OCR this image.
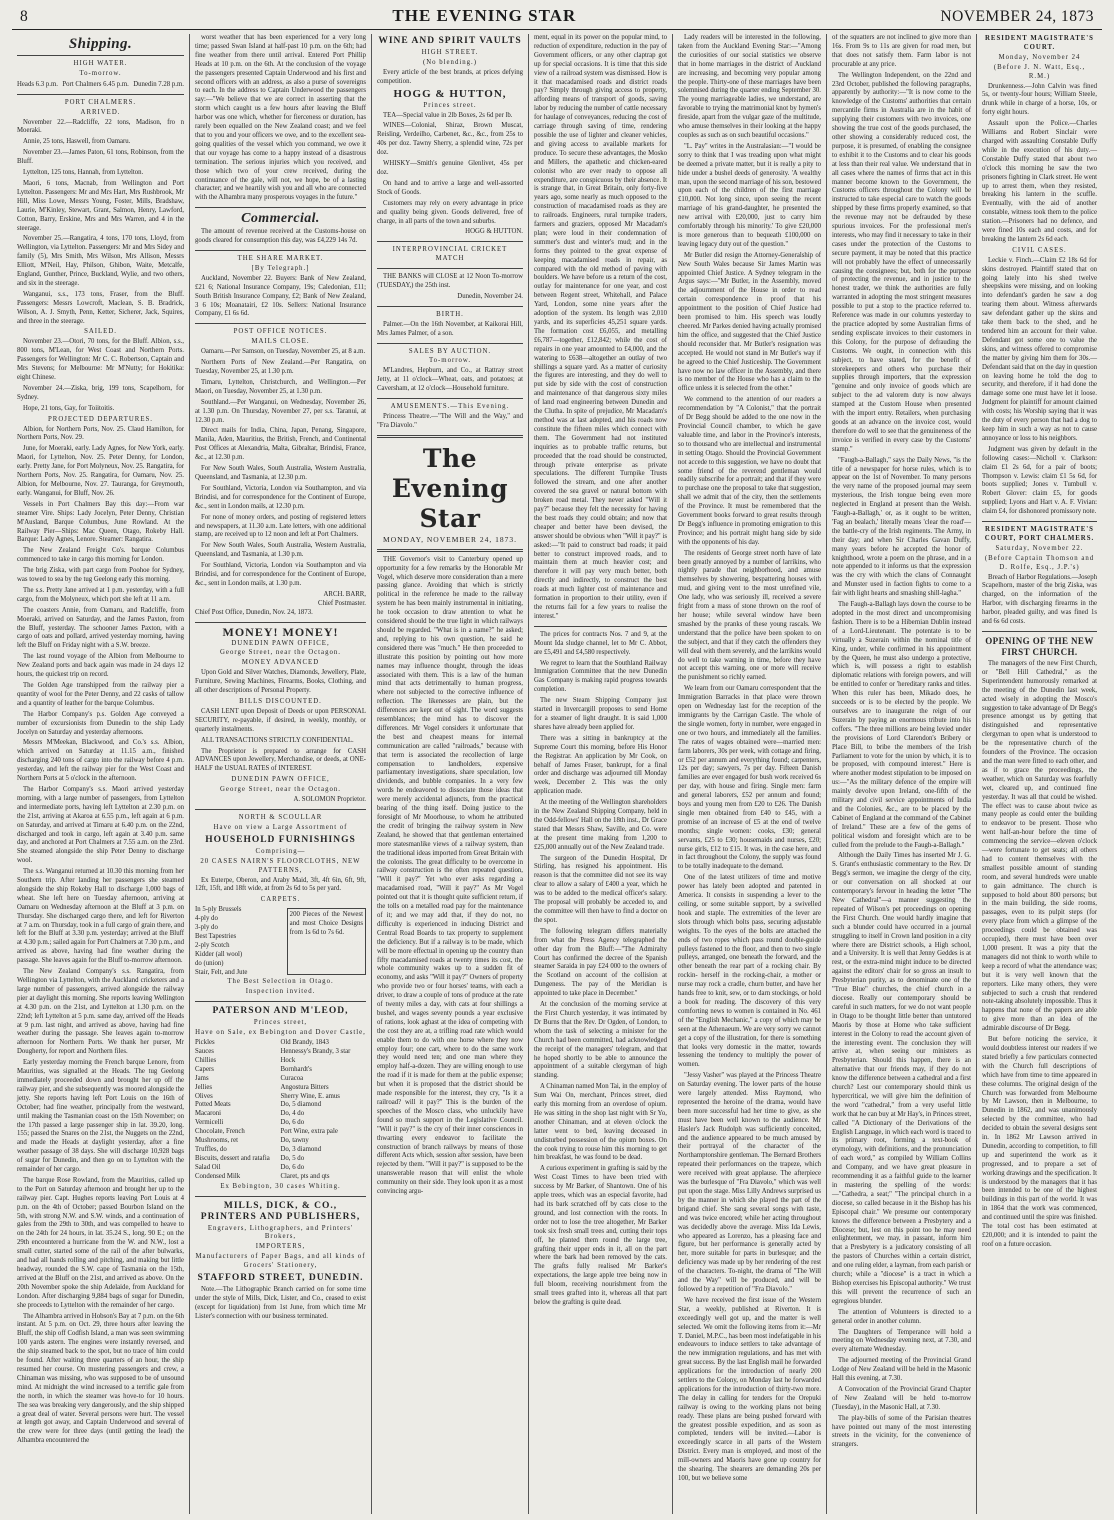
8	THE EVENING STAR	NOVEMBER 24, 1873
Shipping.
HIGH WATER.
To-morrow.
Heads 6.3 p.m. Port Chalmers 6.45 p.m. Dunedin 7.28 p.m.
PORT CHALMERS.
ARRIVED.

November 22.—Radcliffe, 22 tons, Madison, fro n Moeraki.

Annie, 25 tons, Haswell, from Oamaru.

November 23.—James Paton, 61 tons, Robinson, from the Bluff.

Lyttelton, 125 tons, Hannah, from Lyttelton.

Maori, 6 tons, Macnab, from Wellington and Port Lyttelton. Passengers: Mr and Mrs Hart, Mrs Rushbrook, Mr Hill, Miss Lowe, Messrs Young, Foster, Mills, Bradshaw, Laurie, M'Kinley, Stewart, Grant, Salmon, Henry, Lawford, Cotton, Barry, Erskine, Mrs and Mrs Warren, and 4 in the steerage.

November 25.—Rangatira, 4 tons, 170 tons, Lloyd, from Wellington, via Lyttelton. Passengers: Mr and Mrs Sidey and family (5), Mrs Smith, Mrs Wilson, Mrs Allison, Messrs Elliott, M'Neil, Hay, Philson, Ghibon, Waite, Metcalfe, England, Gunther, Prince, Buckland, Wylie, and two others, and six in the steerage.

Wanganui, s.s., 173 tons, Fraser, from the Bluff. Passengers: Messrs Lowcroft, Maclean, S. B. Bradrick, Wilson, A. J. Smyth, Penn, Ketter, Sicherer, Jack, Squires, and three in the steerage.

SAILED.

November 23.—Otori, 70 tons, for the Bluff. Albion, s.s., 800 tons, M'Lean, for West Coast and Northern Ports. Passengers for Wellington: Mr C. C. Robertson, Captain and Mrs Stevens; for Melbourne: Mr M'Nutty; for Hokitika: eight Chinese.

November 24.—Ziska, brig, 199 tons, Scapelhorn, for Sydney.

Hope, 21 tons, Gay, for Toiitoitis.

PROJECTED DEPARTURES.

Albion, for Northern Ports, Nov. 25. Claud Hamilton, for Northern Ports, Nov. 29.

June, for Moeraki, early. Lady Agnes, for New York, early. Maori, for Lyttelton, Nov. 25. Peter Denny, for London, early. Pretty Jane, for Port Molyneux, Nov. 25. Rangatira, for Northern Ports, Nov. 25. Rangatira, for Oamaru, Nov. 25. Albion, for Melbourne, Nov. 27. Tauranga, for Greymouth, early. Wanganui, for Bluff, Nov. 26.

Vessels in Port Chalmers Bay this day:—From war steamer Vire. Ships: Lady Jocelyn, Peter Denny, Christian M'Ausland, Barque Columbus, June Rowland. At the Railway Pier—Ships: Mac Queen, Otago, Rokeby Hall. Barque: Lady Agnes, Lenore. Steamer: Rangatira.

The New Zealand Freight Co's. barque Columbus commenced to take in cargo this morning for London.

The brig Ziska, with part cargo from Poohoe for Sydney, was towed to sea by the tug Geelong early this morning.

The s.s. Pretty Jane arrived at 1 p.m. yesterday, with a full cargo, from the Molyneux, which port she left at 11 a.m.

The coasters Annie, from Oamaru, and Radcliffe, from Moeraki, arrived on Saturday, and the James Paxton, from the Bluff, yesterday. The schooner James Paxton, with a cargo of oats and pollard, arrived yesterday morning, having left the Bluff on Friday night with a S.W. breeze.

The last round voyage of the Albion from Melbourne to New Zealand ports and back again was made in 24 days 12 hours, the quickest trip on record.

The Golden Age transhipped from the railway pier a quantity of wool for the Peter Denny, and 22 casks of tallow and a quantity of leather for the barque Columbus.

The Harbor Company's p.s. Golden Age conveyed a number of excursionists from Dunedin to the ship Lady Jocelyn on Saturday and yesterday afternoons.

Messrs M'Meekan, Blackwood, and Co.'s s.s. Albion, which arrived on Saturday at 11.15 a.m., finished discharging 240 tons of cargo into the railway before 4 p.m. yesterday, and left the railway pier for the West Coast and Northern Ports at 5 o'clock in the afternoon.

The Harbor Company's s.s. Maori arrived yesterday morning, with a large number of passengers, from Lyttelton and intermediate ports, having left Lyttelton at 2.30 p.m. on the 21st, arriving at Akaroa at 6.55 p.m., left again at 6 p.m. on Saturday, and arrived at Timaru at 6.40 p.m. on the 22nd, discharged and took in cargo, left again at 3.40 p.m. same day, and anchored at Port Chalmers at 7.55 a.m. on the 23rd. She steamed alongside the ship Peter Denny to discharge wool.

The s.s. Wanganui returned at 10.30 this morning from her Southern trip. After landing her passengers she steamed alongside the ship Rokeby Hall to discharge 1,000 bags of wheat. She left here on Tuesday afternoon, arriving at Oamaru on Wednesday afternoon at the Bluff at 3 p.m. on Thursday. She discharged cargo there, and left for Riverton at 7 a.m. on Thursday, took in a full cargo of grain there, and left for the Bluff at 3.30 p.m. yesterday; arrived at the Bluff at 4.30 p.m.; sailed again for Port Chalmers at 7.30 p.m., and arrived as above, having had fine weather during the passage. She leaves again for the Bluff to-morrow afternoon.

The New Zealand Company's s.s. Rangatira, from Wellington via Lyttelton, with the Auckland cricketers and a large number of passengers, arrived alongside the railway pier at daylight this morning. She reports leaving Wellington at 4.30 p.m. on the 21st, and Lyttelton at 1.30 p.m. on the 22nd; left Lyttelton at 5 p.m. same day, arrived off the Heads at 9 p.m. last night, and arrived as above, having had fine weather during the passage. She leaves again to-morrow afternoon for Northern Ports. We thank her purser, Mr Dougherty, for report and Northern files.

Early yesterday morning the French barque Lenore, from Mauritius, was signalled at the Heads. The tug Geelong immediately proceeded down and brought her up off the railway pier, and she subsequently was moored alongside the jetty. She reports having left Port Louis on the 16th of October; had fine weather, principally from the westward, until making the Tasmanian coast on the 15th November; on the 17th passed a large passenger ship in lat. 39.20, long. 155; passed the Snares on the 21st, the Nuggets on the 22nd, and made the Heads at daylight yesterday, after a fine weather passage of 38 days. She will discharge 10,928 bags of sugar for Dunedin, and then go on to Lyttelton with the remainder of her cargo.

The barque Rose Rowland, from the Mauritius, called up to the Port on Saturday afternoon and brought her up to the railway pier. Capt. Hughes reports leaving Port Louis at 4 p.m. on the 4th of October; passed Bourbon Island on the 5th, with strong N.W. and S.W. winds, and a continuation of gales from the 29th to 30th, and was compelled to heave to on the 24th for 24 hours, in lat. 35.24 S., long. 90 E.; on the 29th encountered a hurricane from the W. and N.W., lost a small cutter, started some of the rail of the after bulwarks, and had all hands rolling and pitching, and making but little headway, rounded the S.W. cape of Tasmania on the 15th, arrived at the Bluff on the 21st, and arrived as above. On the 20th November spoke the ship Adelaide, from Auckland for London. After discharging 9,884 bags of sugar for Dunedin, she proceeds to Lyttelton with the remainder of her cargo.

The Alhambra arrived in Hobson's Bay at 7 p.m. on the 6th instant. At 5 p.m. on Oct. 29, three hours after leaving the Bluff, the ship off Codfish Island, a man was seen swimming 100 yards astern. The engines were instantly reversed, and the ship steamed back to the spot, but no trace of him could be found. After waiting three quarters of an hour, the ship resumed her course. On mustering passengers and crew, a Chinaman was missing, who was supposed to be of unsound mind. At midnight the wind increased to a terrific gale from the north, in which the steamer was hove-to for 10 hours. The sea was breaking very dangerously, and the ship shipped a great deal of water. Several persons were hurt. The vessel at length got away, and Captain Underwood and several of the crew were for three days (until getting the lead) the Alhambra encountered the

worst weather that has been experienced for a very long time; passed Swan Island at half-past 10 p.m. on the 6th; had fine weather from there until arrival. Entered Port Phillip Heads at 10 p.m. on the 6th. At the conclusion of the voyage the passengers presented Captain Underwood and his first and second officers with an address, as also a purse of sovereigns to each. In the address to Captain Underwood the passengers say:—"We believe that we are correct in asserting that the storm which caught us a few hours after leaving the Bluff harbor was one which, whether for fierceness or duration, has rarely been equalled on the New Zealand coast; and we feel that to you and your officers we owe, and to the excellent sea-going qualities of the vessel which you command, we owe it that our voyage has come to a happy instead of a disastrous termination. The serious injuries which you received, and those which two of your crew received, during the continuance of the gale, will not, we hope, be of a lasting character; and we heartily wish you and all who are connected with the Alhambra many prosperous voyages in the future."

Commercial.

The amount of revenue received at the Customs-house on goods cleared for consumption this day, was £4,229 14s 7d.

THE SHARE MARKET.
[By Telegraph.]

Auckland, November 22. Buyers: Bank of New Zealand, £21 6; National Insurance Company, 19s; Caledonian, £11; South British Insurance Company, £2; Bank of New Zealand, 3 6 10s; Moanatairi, £2 10s. Sellers: National Insurance Company, £1 6s 6d.

POST OFFICE NOTICES.
MAILS CLOSE.

Oamaru.—Per Samson, on Tuesday, November 25, at 8 a.m.

Northern Ports of New Zealand.—Per Rangatira, on Tuesday, November 25, at 1.30 p.m.

Timaru, Lyttelton, Christchurch, and Wellington.—Per Maori, on Tuesday, November 25, at 1.30 p.m.

Southland.—Per Wanganui, on Wednesday, November 26, at 1.30 p.m. On Thursday, November 27, per s.s. Taranui, at 12.30 p.m.

Direct mails for India, China, Japan, Penang, Singapore, Manila, Aden, Mauritius, the British, French, and Continental Post Offices at Alexandria, Malta, Gibraltar, Brindisi, France, &c., at 12.30 p.m.

For New South Wales, South Australia, Western Australia, Queensland, and Tasmania, at 12.30 p.m.

For Southland, Victoria, London via Southampton, and via Brindisi, and for correspondence for the Continent of Europe, &c., sent in London mails, at 12.30 p.m.

For none of money orders, and posting of registered letters and newspapers, at 11.30 a.m. Late letters, with one additional stamp, are received up to 12 noon and left at Port Chalmers.

For New South Wales, South Australia, Western Australia, Queensland, and Tasmania, at 1.30 p.m.

For Southland, Victoria, London via Southampton and via Brindisi, and for correspondence for the Continent of Europe, &c., sent in London mails, at 1.30 p.m.

ARCH. BARR,
Chief Postmaster.
Chief Post Office, Dunedin, Nov. 24, 1873.
MONEY! MONEY!
DUNEDIN PAWN OFFICE,
George Street, near the Octagon.
MONEY ADVANCED

Upon Gold and Silver Watches, Diamonds, Jewellery, Plate, Furniture, Sewing Machines, Firearms, Books, Clothing, and all other descriptions of Personal Property.

BILLS DISCOUNTED.

CASH LENT upon Deposit of Deeds or upon PERSONAL SECURITY, re-payable, if desired, in weekly, monthly, or quarterly instalments.

ALL TRANSACTIONS STRICTLY CONFIDENTIAL.

The Proprietor is prepared to arrange for CASH ADVANCES upon Jewellery, Merchandise, or deeds, at ONE-HALF the USUAL RATES of INTEREST.

DUNEDIN PAWN OFFICE,
George Street, near the Octagon.
A. SOLOMON Proprietor.
NORTH & SCOULLAR
Have on view a Large Assortment of
HOUSEHOLD FURNISHINGS
Comprising—
20 CASES NAIRN'S FLOORCLOTHS, NEW PATTERNS,

Ex Euterpe, Oberon, and Araby Maid, 3ft, 4ft 6in, 6ft, 9ft, 12ft, 15ft, and 18ft wide, at from 2s 6d to 5s per yard.

CARPETS.
In 5-ply Brussels
4-ply do
3-ply do
Best Tapestries
2-ply Scotch
Kidder (all wool)
do (union)
Stair, Felt, and Jute
200 Pieces of the Newest and most Choice Designs from 1s 6d to 7s 6d.
The Best Selection in Otago.
Inspection invited.
PATERSON AND M'LEOD,
Princes street,
Have on Sale, ex Bebington and Dover Castle,
Pickles
Sauces
Chillies
Capers
Jams
Jellies
Olives
Potted Meats
Macaroni
Vermicelli
Chocolate, French
Mushrooms, ret
Truffles, do
Biscuits, dessert and ratafia
Salad Oil
Condensed Milk
Old Brandy, 1843
Hennessy's Brandy, 3 star
Hock
Bornhardt's
Curacoa
Angostura Bitters
Sherry Wine, E. amus
Do, 5 diamond
Do, 4 do
Do, 6 do
Port Wine, extra pale
Do, tawny
Do, 3 diamond
Do, 5 do
Do, 6 do
Claret, pts and qts
Ex Bebington, 30 cases Whiting.
MILLS, DICK, & CO., PRINTERS AND PUBLISHERS,
Engravers, Lithographers, and Printers' Brokers,
IMPORTERS,
Manufacturers of Paper Bags, and all kinds of Grocers' Stationery,
STAFFORD STREET, DUNEDIN.

Note.—The Lithographic Branch carried on for some time under the style of Mills, Dick, Lister, and Co., ceased to exist (except for liquidation) from 1st June, from which time Mr Lister's connection with our business terminated.

WINE AND SPIRIT VAULTS
HIGH STREET.
(No blending.)

Every article of the best brands, at prices defying competition.

HOGG & HUTTON,
Princes street.

TEA—Special value in 2lb Boxes, 2s 6d per lb.

WINES—Colonial, Shiraz, Brown Muscat, Reisling, Verdeilho, Carbenet, &c., &c., from 25s to 40s per doz. Tawny Sherry, a splendid wine, 72s per doz.

WHISKY—Smith's genuine Glenlivet, 45s per doz.

On hand and to arrive a large and well-assorted Stock of Goods.

Customers may rely on every advantage in price and quality being given. Goods delivered, free of charge, in all parts of the town and suburbs.

HOGG & HUTTON.
INTERPROVINCIAL CRICKET MATCH

THE BANKS will CLOSE at 12 Noon To-morrow (TUESDAY,) the 25th inst.

Dunedin, November 24.
BIRTH.

Palmer.—On the 16th November, at Kaikorai Hill, Mrs James Palmer, of a son.

SALES BY AUCTION.
To-morrow.

M'Landres, Hepburn, and Co., at Rattray street Jetty, at 11 o'clock—Wheat, oats, and potatoes; at Caversham, at 12 o'clock—Household furniture.

AMUSEMENTS.—This Evening.

Princess Theatre.—"The Will and the Way," and "Fra Diavolo."

The Evening Star
MONDAY, NOVEMBER 24, 1873.

THE Governor's visit to Canterbury opened up opportunity for a few remarks by the Honorable Mr Vogel, which deserve more consideration than a mere passing glance. Avoiding that which is strictly political in the reference he made to the railway system he has been mainly instrumental in initiating, he took occasion to draw attention to what he considered should be the true light in which railways should be regarded. "What is in a name?" he asked; and, replying to his own question, he said he considered there was "much." He then proceeded to illustrate this position by pointing out how more names may influence thought, through the ideas associated with them. This is a law of the human mind that acts detrimentally to human progress, where not subjected to the corrective influence of reflection. The likenesses are plain, but the differences are kept out of sight. The word suggests resemblances; the mind has to discover the differences. Mr Vogel considers it unfortunate that the best and cheapest means for internal communication are called "railroads," because with that term is associated the recollection of large compensation to landholders, expensive parliamentary investigations, share speculation, low dividends, and bubble companies. In a very few words he endeavored to dissociate those ideas that were merely accidental adjuncts, from the practical bearing of the thing itself. Doing justice to the foresight of Mr Moorhouse, to whom he attributed the credit of bringing the railway system in New Zealand, he showed that that gentleman entertained more statesmanlike views of a railway system, than the traditional ideas imported from Great Britain with the colonists. The great difficulty to be overcome in railway construction is the often repeated question, "Will it pay?" Yet who ever asks regarding a macadamised road, "Will it pay?" As Mr Vogel pointed out that it is thought quite sufficient return, if the tolls on a metalled road pay for the maintenance of it; and we may add that, if they do not, no difficulty is experienced in inducing District and Central Road Boards to tax property to supplement the deficiency. But if a railway is to be made, which will be more effectual in opening up the country than fifty macadamised roads at twenty times its cost, the whole community wakes up to a sudden fit of economy, and asks "Will it pay?" Owners of property who provide two or four horses' teams, with each a driver, to draw a couple of tons of produce at the rate of twenty miles a day, with cats at four shillings a bushel, and wages seventy pounds a year exclusive of rations, look aghast at the idea of competing with the cost they are at, a trifling road rate which would enable them to do with one horse where they now employ four; one cart, where to do the same work they would need ten; and one man where they employ half-a-dozen. They are willing enough to use the road if it is made for them at the public expense; but when it is proposed that the district should be made responsible for the interest, they cry, "Is it a railroad? will it pay?" This is the burden of the speeches of the Mosco class, who unluckily have found so much support in the Legislative Council. "Will it pay?" is the cry of their inner consciences in thwarting every endeavor to facilitate the construction of branch railways by means of those different Acts which, session after session, have been rejected by them. "Will it pay?" is supposed to be the unanswerable reason that will enlist the whole community on their side. They look upon it as a most convincing argu-

ment, equal in its power on the popular mind, to reduction of expenditure, reduction in the pay of Government officers, or any other claptrap got up for special occasions. It is time that this side view of a railroad system was dismissed. How is it that macadamised roads and district roads pay? Simply through giving access to property, affording means of transport of goods, saving labor by reducing the number of cattle necessary for haulage of conveyances, reducing the cost of carriage through saving of time, rendering possible the use of lighter and cleaner vehicles, and giving access to available markets for produce. To secure these advantages, the Mosko and Millers, the apathetic and chicken-eared colonist who are ever ready to oppose all expenditure, are conspicuous by their absence. It is strange that, in Great Britain, only forty-five years ago, some nearly as much opposed to the construction of macadamised roads as they are to railroads. Engineers, rural turnpike traders, farmers and graziers, opposed Mr Macadam's plan; were loud in their condemnation of summer's dust and winter's mud; and in the forms they pointed to the great expense of keeping macadamised roads in repair, as compared with the old method of paving with boulders. We have before us a return of the cost, outlay for maintenance for one year, and cost between Regent street, Whitehall, and Palace Yard, London, some nine years after the adoption of the system. Its length was 2,010 yards, and its superficies 45,251 square yards. The formation cost £6,055, and metalling £6,787—together, £12,842; while the cost of repairs in one year amounted to £4,000, and the watering to £638—altogether an outlay of two shillings a square yard. As a matter of curiosity the figures are interesting, and they do well to put side by side with the cost of construction and maintenance of that dangerous sixty miles of land road engineering between Dunedin and the Clutha. In spite of prejudice, Mr Macadam's method was at last adopted, and his roads now constitute the fifteen miles which connect with them. The Government had not instituted inquiries as to probable traffic returns, but proceeded that the road should be constructed, through private enterprise as private speculations. The different Turnpike Trusts followed the stream, and one after another covered the sea gravel or natural bottom with broken road metal. They never asked "Will it pay?" because they felt the necessity for having the best roads they could obtain; and now that cheaper and better have been devised, the answer should be obvious when "Will it pay?" is asked:—"It paid to construct bad roads; it paid better to construct improved roads, and to maintain them at much heavier cost; and therefore it will pay very much better, both directly and indirectly, to construct the best roads at much lighter cost of maintenance and formation in proportion to their utility, even if the returns fail for a few years to realise the interest."

The prices for contracts Nos. 7 and 9, at the Mount Ida sludge channel, let to Mr C. Abbot, are £5,491 and £4,580 respectively.

We regret to learn that the Southland Railway Immigration Committee that the new Dunedin Gas Company is making rapid progress towards completion.

The new Steam Shipping Company just started in Invercargill proposes to send Home for a steamer of light draught. It is said 1,000 shares have already been applied for.

There was a sitting in bankruptcy at the Supreme Court this morning, before His Honor the Registrar. An application by Mr Cook, on behalf of James Fraser, bankrupt, for a final order and discharge was adjourned till Monday week, December 2. This was the only application made.

At the meeting of the Wellington shareholders in the New Zealand Shipping Company, held in the Odd-fellows' Hall on the 18th inst., Dr Grace stated that Messrs Shaw, Saville, and Co. were at the present time making from 1,200 to £25,000 annually out of the New Zealand trade.

The surgeon of the Dunedin Hospital, Dr Stirling, has resigned his appointment. His reason is that the committee did not see its way clear to allow a salary of £400 a year, which he was to be added to the medical officer's salary. The proposal will probably be acceded to, and the committee will then have to find a doctor on the spot.

The following telegram differs materially from what the Press Agency telegraphed the other day from the Bluff:—"The Admiralty Court has confirmed the decree of the Spanish steamer Saraida in pay £24 000 to the owners of the Scotland on account of the collision at Dungeness. The pay of the Meridian is appointed to take place in December."

At the conclusion of the morning service at the First Church yesterday, it was intimated by Dr Burns that the Rev. Dr Ogden, of London, to whom the task of selecting a minister for the Church had been committed, had acknowledged the receipt of the managers' telegram, and that he hoped shortly to be able to announce the appointment of a suitable clergyman of high standing.

A Chinaman named Mon Tai, in the employ of Sum Wai On, merchant, Princes street, died early this morning from an overdose of opium. He was sitting in the shop last night with Sr Yo, another Chinaman, and at eleven o'clock the latter went to bed, leaving deceased in undisturbed possession of the opium boxes. On the cook trying to rouse him this morning to get him breakfast, he was found to be dead.

A curious experiment in grafting is said by the West Coast Times to have been tried with success by Mr Barker, of Shantown. One of his apple trees, which was an especial favorite, had had its bark scratched off by cats close to the ground, and lost connection with the roots. In order not to lose the tree altogether, Mr Barker took six fresh small trees and, cutting their tops off, he planted them round the large tree, grafting their upper ends in it, all on the part where the bark had been removed by the cats. The grafts fully realised Mr Barker's expectations, the large apple tree being now in full bloom, receiving nourishment from the small trees grafted into it, whereas all that part below the grafting is quite dead.

Lady readers will be interested in the following, taken from the Auckland Evening Star:—"Among the curiosities of our social statistics we observe that in home marriages in the district of Auckland are increasing, and becoming very popular among the people. Thirty-one of these marriages have been solemnised during the quarter ending September 30. The young marriageable ladies, we understand, are favorable to trying the matrimonial knot by hymen's fireside, apart from the vulgar gaze of the multitude, who amuse themselves in their looking at the happy couples as such as on such beautiful occasions."

"L. Pay" writes in the Australasian:—"I would be sorry to think that I was treading upon what might be deemed a private matter, but it is really a pity to hide under a bushel deeds of generosity. 'A wealthy man, upon the second marriage of his son, bestowed upon each of the children of the first marriage £10,000. Not long since, upon seeing the recent marriage of his grand-daughter, he presented the new arrival with £20,000, just to carry him comfortably through his minority.' To give £20,000 is more generous than to bequeath £100,000 on leaving legacy duty out of the question."

Mr Butler did resign the Attorney-Generalship of New South Wales because Sir James Martin was appointed Chief Justice. A Sydney telegram in the Argus says:—"Mr Butler, in the Assembly, moved the adjournment of the House in order to read certain correspondence in proof that his appointment to the position of Chief Justice had been promised to him. His speech was loudly cheered. Mr Parkes denied having actually promised him the office, and suggested that the Chief Justice should reconsider that. Mr Butler's resignation was accepted. He would not stand in Mr Butler's way if he agreed to the Chief Justiceship. The Government have now no law officer in the Assembly, and there is no member of the House who has a claim to the office unless it is selected from the other."

We commend to the attention of our readers a recommendation by "A Colonist," that the portrait of Dr Begg should be added to the one now in the Provincial Council chamber, to which he gave valuable time, and labor in the Province's interests, so to thousand who are intellectual and instrumental in setting Otago. Should the Provincial Government not accede to this suggestion, we have no doubt that some friend of the reverend gentleman would readily subscribe for a portrait; and that if they were to purchase one the proposal to take that suggestion, shall we admit that of the city, then the settlements of the Province. It must be remembered that the Government books forward to great results through Dr Begg's influence in promoting emigration to this Province; and his portrait might hang side by side with the opponents of his day.

The residents of George street north have of late been greatly annoyed by a number of larrikins, who nightly parade that neighborhood, and amuse themselves by showering, bespattering houses with mud, and giving vent to the most unrefined vile, One lady, who was seriously ill, received a severe fright from a mass of stone thrown on the roof of her house; while several window have been smashed by the pranks of these young rascals. We understand that the police have been spoken to on the subject, and that if they catch the offenders they will deal with them severely, and the larrikins would do well to take warning in time, before they have not accept this warning, one or more will receive the punishment so richly earned.

We learn from our Oamaru correspondent that the Immigration Barracks in that place were thrown open on Wednesday last for the reception of the immigrants by the Carrigan Castle. The whole of the single women, forty in number, were engaged in one or two hours, and immediately all the families. The rates of wages obtained were—married men: farm laborers, 30s per week, with cottage and firing, or £52 per annum and everything found; carpenters, 12s per day; sawyers, 7s per day. Fifteen Danish families are ever engaged for bush work received 6s per day, with house and firing. Single men: farm and general laborers, £52 per annum and found; boys and young men from £20 to £26. The Danish single men obtained from £40 to £45, with a promise of an increase of £5 at the end of twelve months; single women: cooks, £30; general servants, £25 to £30; housemaids and nurses, £20; nurse girls, £12 to £15. It was, in the case here, and in fact throughout the Colony, the supply was found to be totally inadequate to the demand.

One of the latest utilizers of time and motive power has lately been adopted and patented in America. It consists in suspending a lever to the ceiling, or some suitable support, by a swivelled hook and staple. The extremities of the lever are slots through which bolts pass, securing adjustable weights. To the eyes of the bolts are attached the ends of two ropes which pass round double-guide pulleys fastened to the floor, and then to two single pulleys, arranged, one beneath the forward, and the other beneath the rear part of a rocking chair. By rockin- herself in the rocking-chair, a mother or nurse may rock a cradle, churn butter, and have her hands free to knit, sew, or to darn stockings, or hold a book for reading. The discovery of this very comforting news to women is contained in No. 461 of the "English Mechanic," a copy of which may be seen at the Athenaeum. We are very sorry we cannot get a copy of the illustration, for there is something that looks very domestic in the matter, towards lessening the tendency to multiply the power of women.

"Jessy Vasher" was played at the Princess Theatre on Saturday evening. The lower parts of the house were largely attended. Miss Raymond, who represented the heroine of the drama, would have been more successful had her time to give, as she must have been well known to the audience. Mr Hasler's Jack Rudolph was sufficiently conceited, and the audience appeared to be much amused by their portrayal of the character of the Northamptonshire gentleman. The Bernard Brothers repeated their performances on the trapeze, which were received with great applause. The afterpiece was the burlesque of "Fra Diavolo," which was well put upon the stage. Miss Lilly Andrews surprised us by the manner in which she played the part of the brigand chief. She sang several songs with taste, and was twice encored; while her acting throughout was decidedly above the average. Miss Ida Lewis, who appeared as Lorenzo, has a pleasing face and figure, but her performance is generally acted by her, more suitable for parts in burlesque; and the deficiency was made up by her rendering of the rest of the characters. To-night, the drama of "The Will and the Way" will be produced, and will be followed by a repetition of "Fra Diavolo."

We have received the first issue of the Western Star, a weekly, published at Riverton. It is exceedingly well got up, and the matter is well selected. We omit the following items from it:—Mr T. Daniel, M.P.C., has been most indefatigable in his endeavours to induce settlers to take advantage of the new immigration regulations, and has met with great success. By the last English mail he forwarded applications for the introduction of nearly 200 settlers to the Colony, on Monday last he forwarded applications for the introduction of thirty-two more. The delay in calling for tenders for the Orepuki railway is owing to the working plans not being ready. These plans are being pushed forward with the greatest possible expedition, and as soon as completed, tenders will be invited.—Labor is exceedingly scarce in all parts of the Western District. Every man is employed, and most of the mill-owners and Maoris have gone up country for the shearing. The shearers are demanding 20s per 100, but we believe some

of the squatters are not inclined to give more than 16s. From 9s to 11s are given for road men, but that does not satisfy them. Farm labor is not procurable at any price.

The Wellington Independent, on the 22nd and 23rd October, published the following paragraphs, apparently by authority:—"It is now come to the knowledge of the Customs' authorities that certain mercantile firms in Australia are in the habit of supplying their customers with two invoices, one showing the true cost of the goods purchased, the other showing a considerably reduced cost, the purpose, it is presumed, of enabling the consignee to exhibit it to the Customs and to clear his goods at less than their real value. We understand that in all cases where the names of firms that act in this manner become known to the Government, the Customs officers throughout the Colony will be instructed to take especial care to watch the goods shipped by these firms properly examined, so that the revenue may not be defrauded by these spurious invoices. For the professional men's interests, who may find it necessary to take in their cases under the protection of the Customs to secure payment, it may be noted that this practice will not probably have the effect of unnecessarily causing the consignees; but, both for the purpose of protecting the revenue, and in justice to the honest trader, we think the authorities are fully warranted in adopting the most stringent measures possible to put a stop to the practice referred to. Reference was made in our columns yesterday to the practice adopted by some Australian firms of sending expliscate invoices to their customers in this Colony, for the purpose of defrauding the Customs. We ought, in connection with this subject, to have stated, for the benefit of storekeepers and others who purchase their supplies through importers, that the expression "genuine and only invoice of goods which are subject to the ad valorem duty is now always stamped at the Custom House when presented with the import entry. Retailers, when purchasing goods at an advance on the invoice cost, would therefore do well to see that the genuineness of the invoice is verified in every case by the Customs' stamp."

"Faugh-a-Ballagh," says the Daily News, "is the title of a newspaper for horse rules, which is to appear on the 1st of November. To many persons the very name of the proposed journal may seem mysterious, the Irish tongue being even more neglected in England at present than the Welsh. 'Faugh-a-Ballagh,' or, as it ought to be written, 'Fag an bealach,' literally means 'clear the road'—the battle-cry of the Irish regiments. The Army, in their day; and when Sir Charles Gavan Duffy, many years before he accepted the honor of knighthood, wrote a poem on the phrase, and in a note appended to it informs us that the expression was the cry with which the clans of Connaught and Munster used in faction fights to come to a fair with light hearts and smashing shill-lagha."

The Faugh-a-Ballagh lays down the course to be adopted in the most direct and uncompromising fashion. There is to be a Hibernian Dublin instead of a Lord-Lieutenant. The potentate is to be virtually a Suzerain within the nominal title of King, under, while confirmed in his appointment by the Queen, he must also undergo a protective, which is, will possess a right to establish diplomatic relations with foreign powers, and will be entitled to confer or 'hereditary ranks and titles. When this ruler has been, Mikado does, he succeeds or is to be elected by the people. We ourselves are to inaugurate the reign of our Suzerain by paying an enormous tribute into his coffers. "The three millions are being levied under the provisions of Lord Clarendon's Bribery or Place Bill, to bribe the members of the Irish Parliament to vote for the union by which, it is to be proposed, with compound interest." Here is where another modest stipulation to be imposed on us:—"As the military defence of the empire will mainly devolve upon Ireland, one-fifth of the military and civil service appointments of India and the Colonies, &c., are to be placed by the Cabinet of England at the command of the Cabinet of Ireland." These are a few of the gems of political wisdom and foresight which are to be culled from the prelude to the Faugh-a-Ballagh."

Although the Daily Times has inserted Mr J. G. S. Grant's enthusiastic commentary to the Rev. Dr Begg's sermon, we imagine the clergy of the city, or our conversation on all shocked at our contemporary's fervour in heading the letter "The New Cathedral"—a manner suggesting the repeated of Wilson's pet proceedings on opening the First Church. One would hardly imagine that such a blunder could have occurred in a journal struggling to itself in Crown land position in a city where there are District schools, a High school, and a University. It is well that Jenny Geddes is at rest, or the extra-mind might induce to be directed against the editors' chair for so gross an insult to Presbyterian purity, as to denominate one of the "True Blue" churches, the chief church in a diocese. Really our contemporary should be careful in such matters, for we do not want people in Otago to be thought little better than untutored Maoris by those at Home who take sufficient interest in the Colony to read the account given of the interesting event. The conclusion they will arrive at, when seeing our ministers as Presbyterian. Should this happen, there is an alternative that our friends may, if they do not know the difference between a cathedral and a first church? Lest our contemporary should think us hypercritical, we will give him the definition of the word "cathedral," from a very useful little work that he can buy at Mr Hay's, in Princes street, called "A Dictionary of the Derivations of the English Language, in which each word is traced to its primary root, forming a text-book of etymology, with definitions, and the pronunciation of each word," as compiled by William Collins and Company, and we have great pleasure in recommending it as a faithful guide to the learner in mastering the spelling of the words:—"Cathedra, a seat;" "The principal church in a diocese, so called because in it the Bishop has his Episcopal chair." We presume our contemporary knows the difference between a Presbytery and a Diocese; but, lest on this point too he may need enlightenment, we may, in passant, inform him that a Presbytery is a judicatory consisting of all the pastors of Churches within a certain district, and one ruling elder, a layman, from each parish or church; while a "diocese" is a tract in which a Bishop exercises his Episcopal authority." We trust this will prevent the recurrence of such an egregious blunder.

The attention of Volunteers is directed to a general order in another column.

The Daughters of Temperance will hold a meeting on Wednesday evening next, at 7.30, and every alternate Wednesday.

The adjourned meeting of the Provincial Grand Lodge of New Zealand will be held in the Masonic Hall this evening, at 7.30.

A Convocation of the Provincial Grand Chapter of New Zealand will be held to-morrow (Tuesday), in the Masonic Hall, at 7.30.

The play-bills of some of the Parisian theatres have pointed out many of the most interesting streets in the vicinity, for the convenience of strangers.

RESIDENT MAGISTRATE'S COURT.
Monday, November 24
(Before J. N. Watt, Esq., R.M.)

Drunkenness.—John Calvin was fined 5s, or twenty-four hours; William Steele, drunk while in charge of a horse, 10s, or forty eight hours.

Assault upon the Police.—Charles Williams and Robert Sinclair were charged with assaulting Constable Duffy while in the execution of his duty.—Constable Duffy stated that about two o'clock this morning he saw the two prisoners fighting in Clark street. He went up to arrest them, when they resisted, breaking his lantern in the scuffle. Eventually, with the aid of another constable, witness took them to the police station.—Prisoners had no defence, and were fined 10s each and costs, and for breaking the lantern 2s 6d each.

CIVIL CASES.

Leckie v. Finch.—Claim £2 18s 6d for skins destroyed. Plaintiff stated that on going lately into his shed twelve sheepskins were missing, and on looking into defendant's garden he saw a dog tearing them about. Witness afterwards saw defendant gather up the skins and take them back to the shed, and he tendered him an account for their value. Defendant got some one to value the skins, and witness offered to compromise the matter by giving him them for 30s.—Defendant said that on the day in question on leaving home he told the dog to security, and therefore, if it had done the damage some one must have let it loose. Judgment for plaintiff for amount claimed with costs; his Worship saying that it was the duty of every person that had a dog to keep him in such a way as not to cause annoyance or loss to his neighbors.

Judgment was given by default in the following cases:—Nicholl v. Clarkson: claim £1 2s 6d, for a pair of boots; Thompson v. Lewis: claim £1 5s 6d, for boots supplied; Jones v. Tumbull v. Robert Glover: claim £5, for goods supplied; Lyons and Hart v. A. F. Vivian: claim £4, for dishonored promissory note.

RESIDENT MAGISTRATE'S COURT, PORT CHALMERS.
Saturday, November 22.
(Before Captain Thomson and D. Rolfe, Esq., J.P.'s)

Breach of Harbor Regulations.—Joseph Scapelhorn, master of the brig Ziska, was charged, on the information of the Harbor, with discharging firearms in the harbor, pleaded guilty, and was fined 1s and 6s 6d costs.

OPENING OF THE NEW FIRST CHURCH.

The managers of the new First Church, or "Bell Hill Cathedral," as the Superintendent humorously remarked at the meeting of the Dunedin last week, acted wisely in adopting the Mosco's suggestion to take advantage of Dr Begg's presence amongst us by getting that distinguished and representative clergyman to open what is understood to be the representative church of the founders of the Province. The occasion and the man were fitted to each other, and as if to grace the proceedings, the weather, which on Saturday was fearfully wet, cleared up, and continued fine yesterday. It was all that could be wished. The effect was to cause about twice as many people as could enter the building to endeavor to be present. Those who went half-an-hour before the time of commencing the service—eleven o'clock—were fortunate to get seats; all others had to content themselves with the smallest possible amount of standing room, and several hundreds were unable to gain admittance. The church is supposed to hold about 800 persons; but in the main building, the side rooms, passages, even to its pulpit steps (for every place from which a glimpse of the proceedings could be obtained was occupied), there must have been over 1,000 present. It was a pity that the managers did not think to worth while to keep a record of what the attendance was; but it is very well known that the reporters. Like many others, they were subjected to such a crush that rendered note-taking absolutely impossible. Thus it happens that none of the papers are able to give more than an idea of the admirable discourse of Dr Begg.

But before noticing the service, it would doubtless interest our readers if we stated briefly a few particulars connected with the Church full descriptions of which have from time to time appeared in these columns. The original design of the Church was forwarded from Melbourne by Mr Lawson, then in Melbourne, to Dunedin in 1862, and was unanimously selected by the committee, who had decided to obtain the several designs sent in. In 1862 Mr Lawson arrived in Dunedin, according to competition, to fill up and superintend the work as it progressed, and to prepare a set of working drawings and the specification. It is understood by the managers that it has been intended to be one of the highest buildings in this part of the world. It was in 1864 that the work was commenced, and continued until the spire was finished. The total cost has been estimated at £20,000; and it is intended to paint the roof on a future occasion.
